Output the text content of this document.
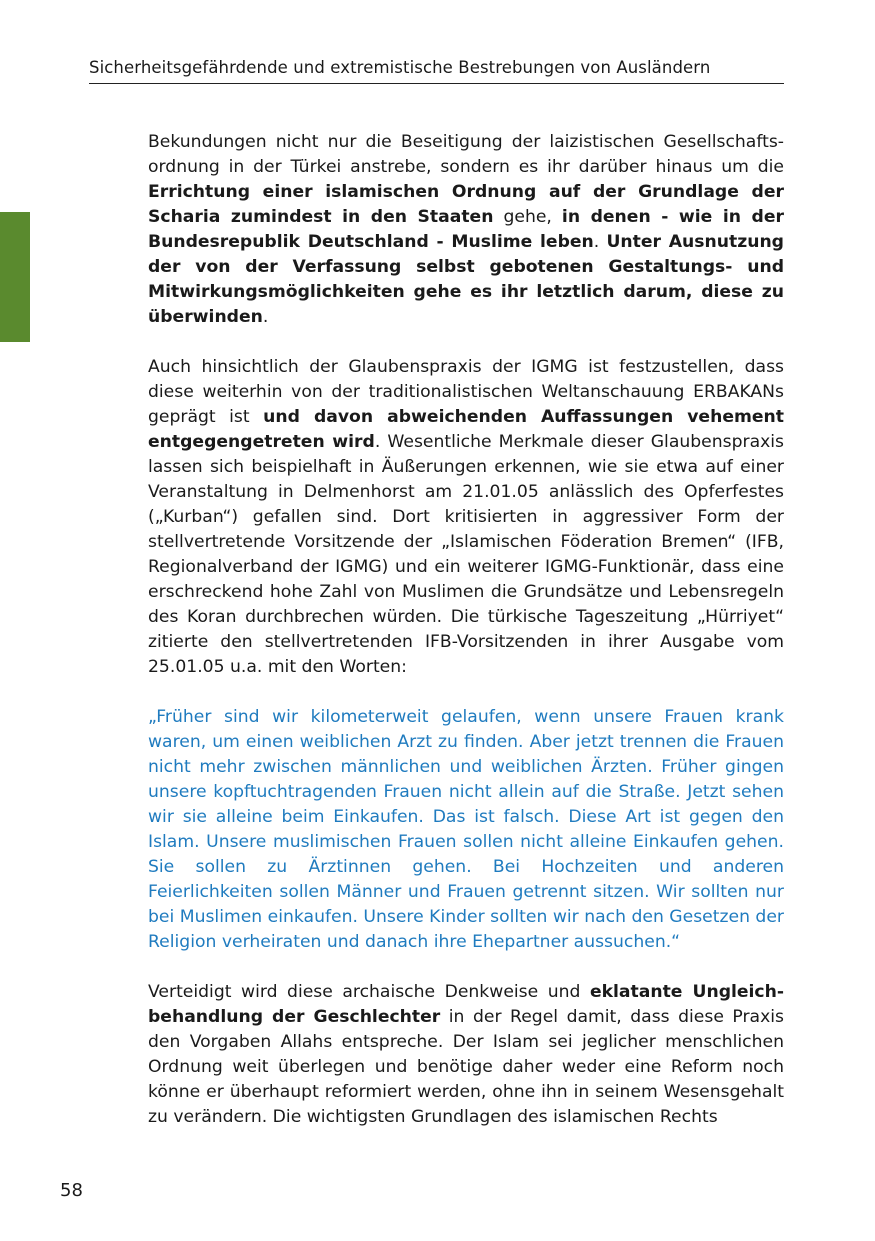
Sicherheitsgefährdende und extremistische Bestrebungen von Ausländern

Bekundungen nicht nur die Beseitigung der laizistischen Gesellschaftsordnung in der Türkei anstrebe, sondern es ihr darüber hinaus um die Errichtung einer islamischen Ordnung auf der Grundlage der Scharia zumindest in den Staaten gehe, in denen - wie in der Bundesrepublik Deutschland - Muslime leben. Unter Ausnutzung der von der Verfassung selbst gebotenen Gestaltungs- und Mitwirkungsmöglichkeiten gehe es ihr letztlich darum, diese zu überwinden.

Auch hinsichtlich der Glaubenspraxis der IGMG ist festzustellen, dass diese weiterhin von der traditionalistischen Weltanschauung ERBAKANs geprägt ist und davon abweichenden Auffassungen vehement entgegengetreten wird. Wesentliche Merkmale dieser Glaubenspraxis lassen sich beispielhaft in Äußerungen erkennen, wie sie etwa auf einer Veranstaltung in Delmenhorst am 21.01.05 anlässlich des Opferfestes („Kurban“) gefallen sind. Dort kritisierten in aggressiver Form der stellvertretende Vorsitzende der „Islamischen Föderation Bremen“ (IFB, Regionalverband der IGMG) und ein weiterer IGMG-Funktionär, dass eine erschreckend hohe Zahl von Muslimen die Grundsätze und Lebensregeln des Koran durchbrechen würden. Die türkische Tageszeitung „Hürriyet“ zitierte den stellvertretenden IFB-Vorsitzenden in ihrer Ausgabe vom 25.01.05 u.a. mit den Worten:

„Früher sind wir kilometerweit gelaufen, wenn unsere Frauen krank waren, um einen weiblichen Arzt zu finden. Aber jetzt trennen die Frauen nicht mehr zwischen männlichen und weiblichen Ärzten. Früher gingen unsere kopftuchtragenden Frauen nicht allein auf die Straße. Jetzt sehen wir sie alleine beim Einkaufen. Das ist falsch. Diese Art ist gegen den Islam. Unsere muslimischen Frauen sollen nicht alleine Einkaufen gehen. Sie sollen zu Ärztinnen gehen. Bei Hochzeiten und anderen Feierlichkeiten sollen Männer und Frauen getrennt sitzen. Wir sollten nur bei Muslimen einkaufen. Unsere Kinder sollten wir nach den Gesetzen der Religion verheiraten und danach ihre Ehepartner aussuchen.“

Verteidigt wird diese archaische Denkweise und eklatante Ungleichbehandlung der Geschlechter in der Regel damit, dass diese Praxis den Vorgaben Allahs entspreche. Der Islam sei jeglicher menschlichen Ordnung weit überlegen und benötige daher weder eine Reform noch könne er überhaupt reformiert werden, ohne ihn in seinem Wesensgehalt zu verändern. Die wichtigsten Grundlagen des islamischen Rechts

58
